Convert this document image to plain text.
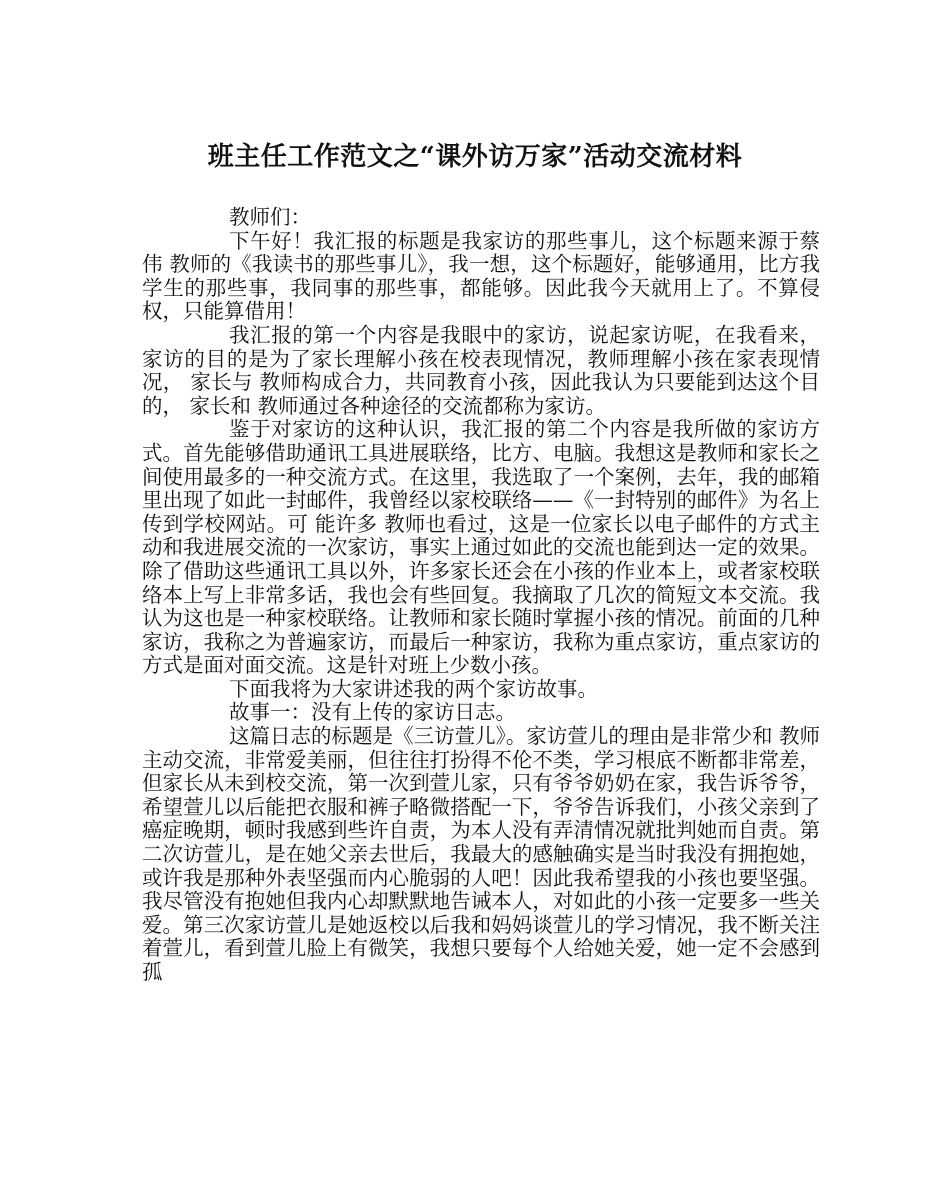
班主任工作范文之“课外访万家”活动交流材料

教师们：

下午好！我汇报的标题是我家访的那些事儿，这个标题来源于蔡伟 教师的《我读书的那些事儿》，我一想，这个标题好，能够通用，比方我学生的那些事，我同事的那些事，都能够。因此我今天就用上了。不算侵权，只能算借用！

我汇报的第一个内容是我眼中的家访，说起家访呢，在我看来，家访的目的是为了家长理解小孩在校表现情况，教师理解小孩在家表现情况， 家长与 教师构成合力，共同教育小孩，因此我认为只要能到达这个目的， 家长和 教师通过各种途径的交流都称为家访。

鉴于对家访的这种认识，我汇报的第二个内容是我所做的家访方式。首先能够借助通讯工具进展联络，比方、电脑。我想这是教师和家长之间使用最多的一种交流方式。在这里，我选取了一个案例，去年，我的邮箱里出现了如此一封邮件，我曾经以家校联络——《一封特别的邮件》为名上传到学校网站。可 能许多 教师也看过，这是一位家长以电子邮件的方式主动和我进展交流的一次家访，事实上通过如此的交流也能到达一定的效果。除了借助这些通讯工具以外，许多家长还会在小孩的作业本上，或者家校联络本上写上非常多话，我也会有些回复。我摘取了几次的简短文本交流。我认为这也是一种家校联络。让教师和家长随时掌握小孩的情况。前面的几种家访，我称之为普遍家访，而最后一种家访，我称为重点家访，重点家访的方式是面对面交流。这是针对班上少数小孩。

下面我将为大家讲述我的两个家访故事。

故事一：没有上传的家访日志。

这篇日志的标题是《三访萱儿》。家访萱儿的理由是非常少和 教师主动交流，非常爱美丽，但往往打扮得不伦不类，学习根底不断都非常差，但家长从未到校交流，第一次到萱儿家，只有爷爷奶奶在家，我告诉爷爷，希望萱儿以后能把衣服和裤子略微搭配一下，爷爷告诉我们，小孩父亲到了癌症晚期，顿时我感到些许自责，为本人没有弄清情况就批判她而自责。第二次访萱儿，是在她父亲去世后，我最大的感触确实是当时我没有拥抱她，或许我是那种外表坚强而内心脆弱的人吧！因此我希望我的小孩也要坚强。我尽管没有抱她但我内心却默默地告诫本人，对如此的小孩一定要多一些关爱。第三次家访萱儿是她返校以后我和妈妈谈萱儿的学习情况，我不断关注着萱儿，看到萱儿脸上有微笑，我想只要每个人给她关爱，她一定不会感到孤
